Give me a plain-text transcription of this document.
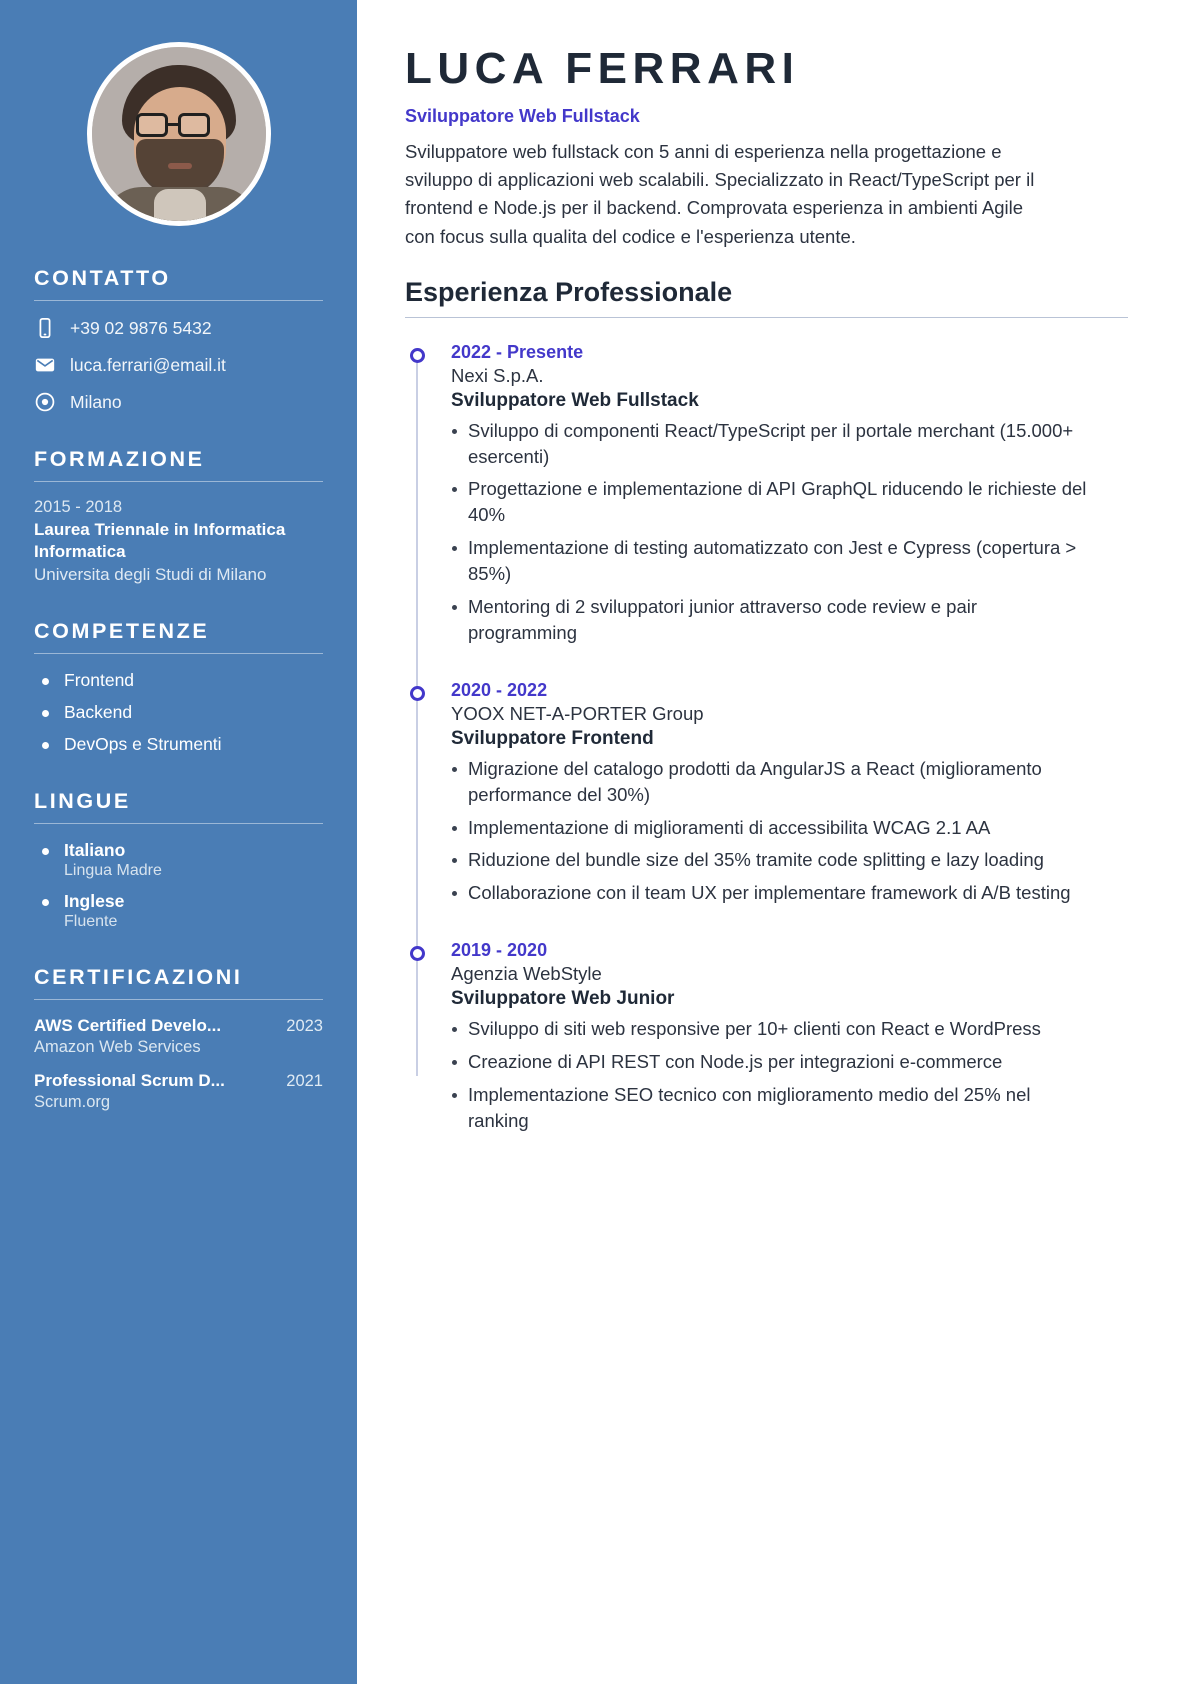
CONTATTO
+39 02 9876 5432
luca.ferrari@email.it
Milano
FORMAZIONE
2015 - 2018
Laurea Triennale in Informatica Informatica
Universita degli Studi di Milano
COMPETENZE
Frontend
Backend
DevOps e Strumenti
LINGUE
Italiano
Lingua Madre
Inglese
Fluente
CERTIFICAZIONI
AWS Certified Develo...	2023
Amazon Web Services
Professional Scrum D...	2021
Scrum.org
LUCA FERRARI
Sviluppatore Web Fullstack

Sviluppatore web fullstack con 5 anni di esperienza nella progettazione e sviluppo di applicazioni web scalabili. Specializzato in React/TypeScript per il frontend e Node.js per il backend. Comprovata esperienza in ambienti Agile con focus sulla qualita del codice e l'esperienza utente.

Esperienza Professionale
2022 - Presente
Nexi S.p.A.
Sviluppatore Web Fullstack
Sviluppo di componenti React/TypeScript per il portale merchant (15.000+ esercenti)
Progettazione e implementazione di API GraphQL riducendo le richieste del 40%
Implementazione di testing automatizzato con Jest e Cypress (copertura > 85%)
Mentoring di 2 sviluppatori junior attraverso code review e pair programming
2020 - 2022
YOOX NET-A-PORTER Group
Sviluppatore Frontend
Migrazione del catalogo prodotti da AngularJS a React (miglioramento performance del 30%)
Implementazione di miglioramenti di accessibilita WCAG 2.1 AA
Riduzione del bundle size del 35% tramite code splitting e lazy loading
Collaborazione con il team UX per implementare framework di A/B testing
2019 - 2020
Agenzia WebStyle
Sviluppatore Web Junior
Sviluppo di siti web responsive per 10+ clienti con React e WordPress
Creazione di API REST con Node.js per integrazioni e-commerce
Implementazione SEO tecnico con miglioramento medio del 25% nel ranking
